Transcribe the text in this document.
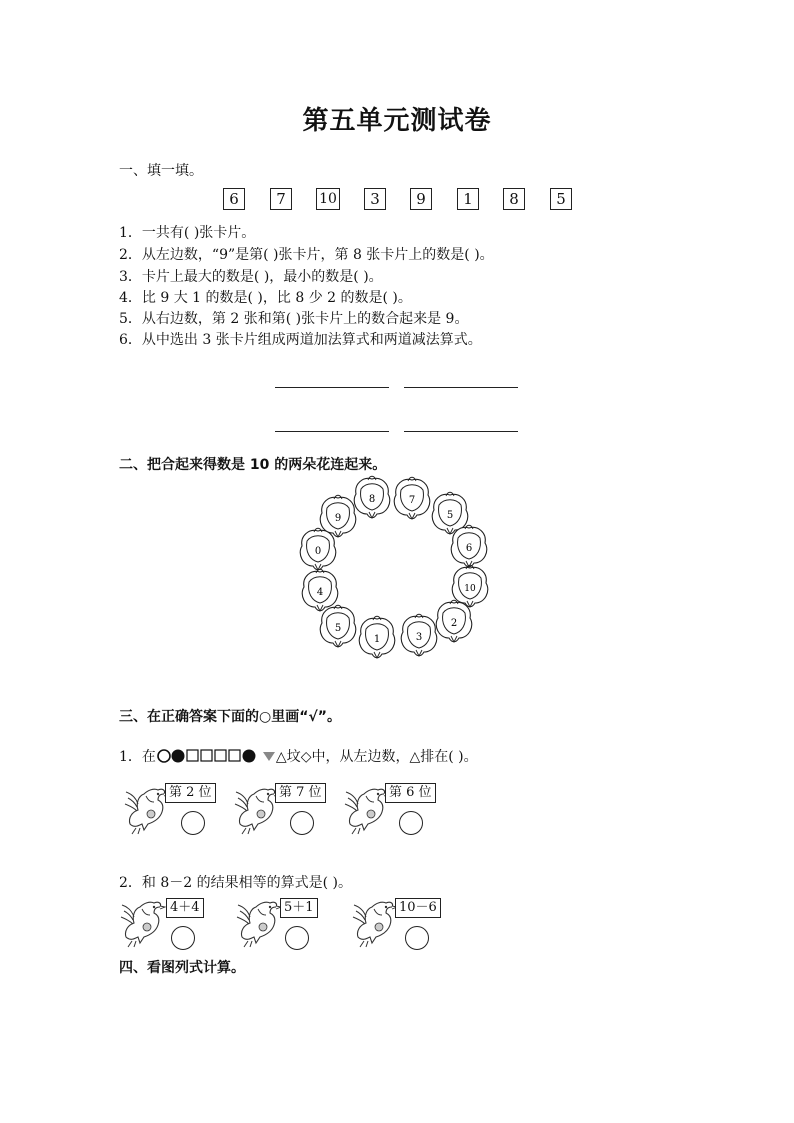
第五单元测试卷
一、填一填。
6	7	10	3	9	1	8	5
1．一共有( )张卡片。
2．从左边数，“9”是第( )张卡片，第 8 张卡片上的数是( )。
3．卡片上最大的数是( )，最小的数是( )。
4．比 9 大 1 的数是( )，比 8 少 2 的数是( )。
5．从右边数，第 2 张和第( )张卡片上的数合起来是 9。
6．从中选出 3 张卡片组成两道加法算式和两道减法算式。
二、把合起来得数是 10 的两朵花连起来。
8	7
5
6
10
2
3
1
5
4
0
9
三、在正确答案下面的○里画“√”。
1．在	△坟◇中，从左边数，△排在( )。
第 2 位	第 7 位	第 6 位
2．和 8－2 的结果相等的算式是( )。
4＋4	5＋1	10－6
四、看图列式计算。
